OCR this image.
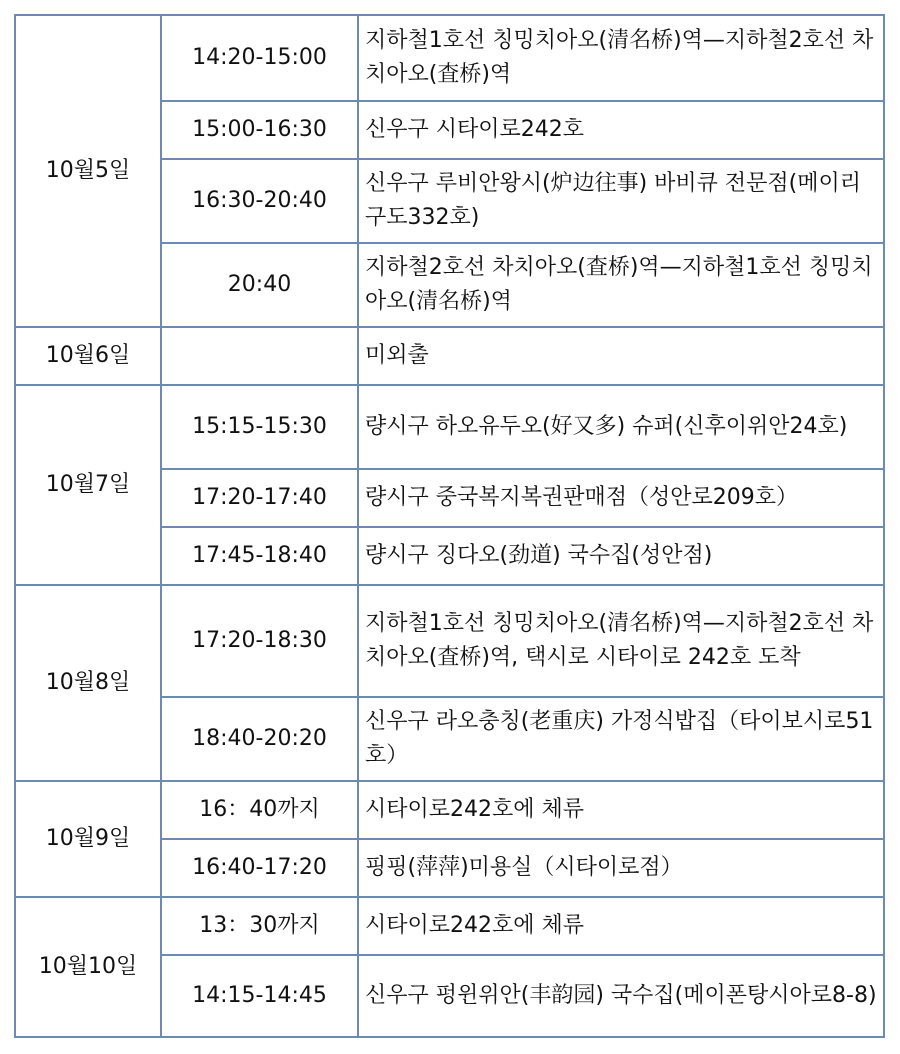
10월5일	14:20-15:00	지하철1호선 칭밍치아오(清名桥)역—지하철2호선 차치아오(査桥)역
	15:00-16:30	신우구 시타이로242호
	16:30-20:40	신우구 루비안왕시(炉边往事) 바비큐 전문점(메이리구도332호)
	20:40	지하철2호선 차치아오(査桥)역—지하철1호선 칭밍치아오(清名桥)역
10월6일		미외출
10월7일	15:15-15:30	량시구 하오유두오(好又多) 슈퍼(신후이위안24호)
	17:20-17:40	량시구 중국복지복권판매점（성안로209호）
	17:45-18:40	량시구 징다오(劲道) 국수집(성안점)
10월8일	17:20-18:30	지하철1호선 칭밍치아오(清名桥)역—지하철2호선 차치아오(査桥)역, 택시로 시타이로 242호 도착
	18:40-20:20	신우구 라오충칭(老重庆) 가정식밥집（타이보시로51호）
10월9일	16：40까지	시타이로242호에 체류
	16:40-17:20	핑핑(萍萍)미용실（시타이로점）
10월10일	13：30까지	시타이로242호에 체류
	14:15-14:45	신우구 펑윈위안(丰韵园) 국수집(메이폰탕시아로8-8)
